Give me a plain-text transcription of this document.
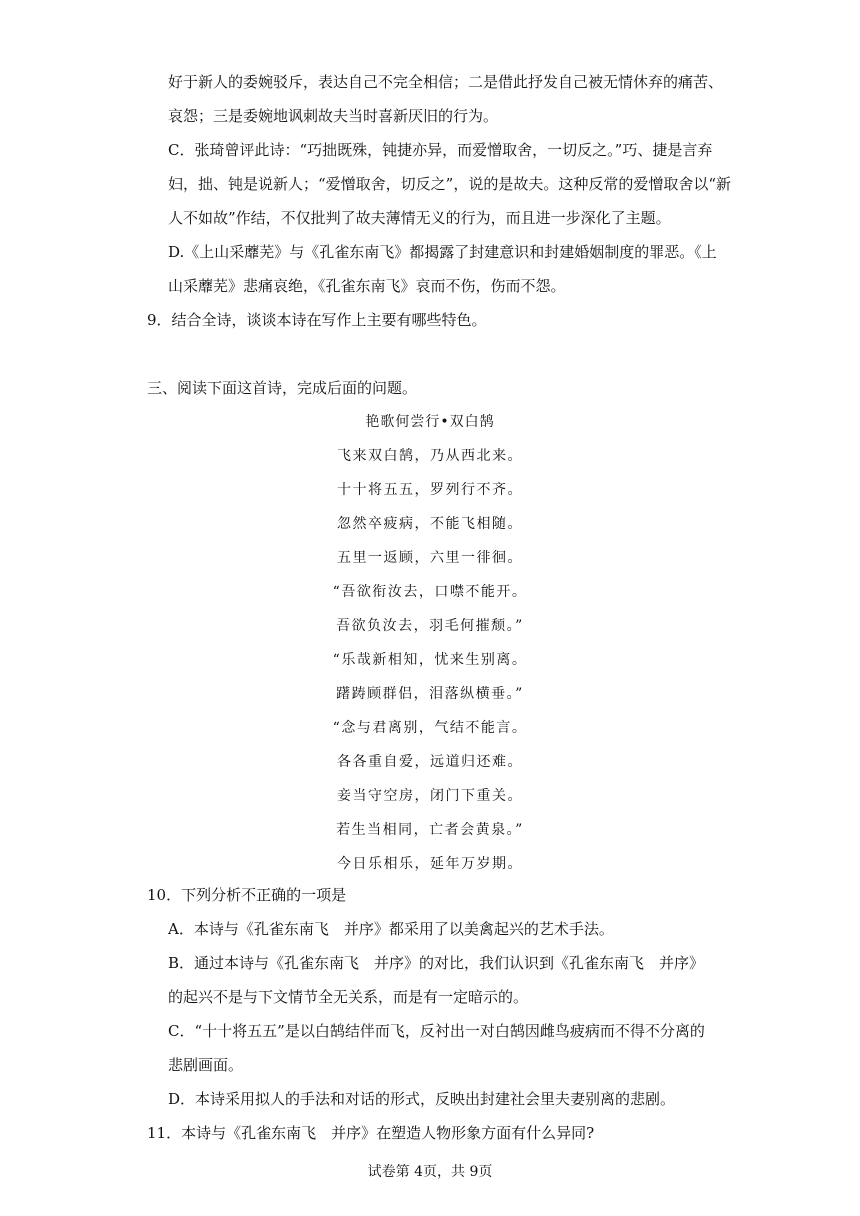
好于新人的委婉驳斥，表达自己不完全相信；二是借此抒发自己被无情休弃的痛苦、
哀怨；三是委婉地讽刺故夫当时喜新厌旧的行为。
C．张琦曾评此诗：“巧拙既殊，钝捷亦异，而爱憎取舍，一切反之。”巧、捷是言弃
妇，拙、钝是说新人；“爱憎取舍，切反之”，说的是故夫。这种反常的爱憎取舍以“新
人不如故”作结，不仅批判了故夫薄情无义的行为，而且进一步深化了主题。
D.《上山采蘼芜》与《孔雀东南飞》都揭露了封建意识和封建婚姻制度的罪恶。《上
山采蘼芜》悲痛哀绝，《孔雀东南飞》哀而不伤，伤而不怨。
9．结合全诗，谈谈本诗在写作上主要有哪些特色。
三、阅读下面这首诗，完成后面的问题。
艳歌何尝行•双白鹄
飞来双白鹄，乃从西北来。
十十将五五，罗列行不齐。
忽然卒疲病，不能飞相随。
五里一返顾，六里一徘徊。
“吾欲衔汝去，口噤不能开。
吾欲负汝去，羽毛何摧颓。”
“乐哉新相知，忧来生别离。
躇踌顾群侣，泪落纵横垂。”
“念与君离别，气结不能言。
各各重自爱，远道归还难。
妾当守空房，闭门下重关。
若生当相同，亡者会黄泉。”
今日乐相乐，延年万岁期。
10．下列分析不正确的一项是
A．本诗与《孔雀东南飞　并序》都采用了以美禽起兴的艺术手法。
B．通过本诗与《孔雀东南飞　并序》的对比，我们认识到《孔雀东南飞　并序》
的起兴不是与下文情节全无关系，而是有一定暗示的。
C．“十十将五五”是以白鹄结伴而飞，反衬出一对白鹄因雌鸟疲病而不得不分离的
悲剧画面。
D．本诗采用拟人的手法和对话的形式，反映出封建社会里夫妻别离的悲剧。
11．本诗与《孔雀东南飞　并序》在塑造人物形象方面有什么异同?
试卷第 4页，共 9页
